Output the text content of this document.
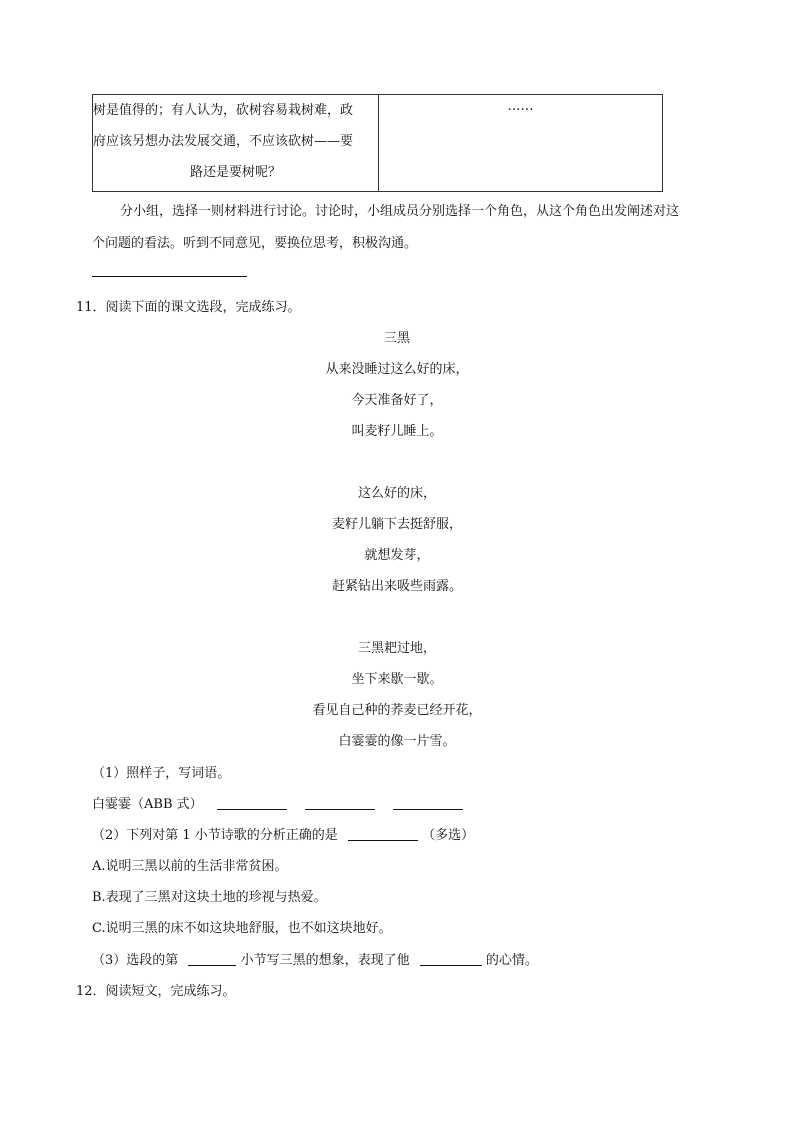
树是值得的；有人认为，砍树容易栽树难，政
府应该另想办法发展交通，不应该砍树——要
路还是要树呢？
	……
分小组，选择一则材料进行讨论。讨论时，小组成员分别选择一个角色，从这个角色出发阐述对这
个问题的看法。听到不同意见，要换位思考，积极沟通。
11．阅读下面的课文选段，完成练习。
三黑
从来没睡过这么好的床，
今天准备好了，
叫麦籽儿睡上。
这么好的床，
麦籽儿躺下去挺舒服，
就想发芽，
赶紧钻出来吸些雨露。
三黑耙过地，
坐下来歇一歇。
看见自己种的荞麦已经开花，
白霎霎的像一片雪。
（1）照样子，写词语。
白霎霎（ABB 式）
（2）下列对第 1 小节诗歌的分析正确的是	（多选）
A.说明三黑以前的生活非常贫困。
B.表现了三黑对这块土地的珍视与热爱。
C.说明三黑的床不如这块地舒服，也不如这块地好。
（3）选段的第	小节写三黑的想象，表现了他	的心情。
12．阅读短文，完成练习。
